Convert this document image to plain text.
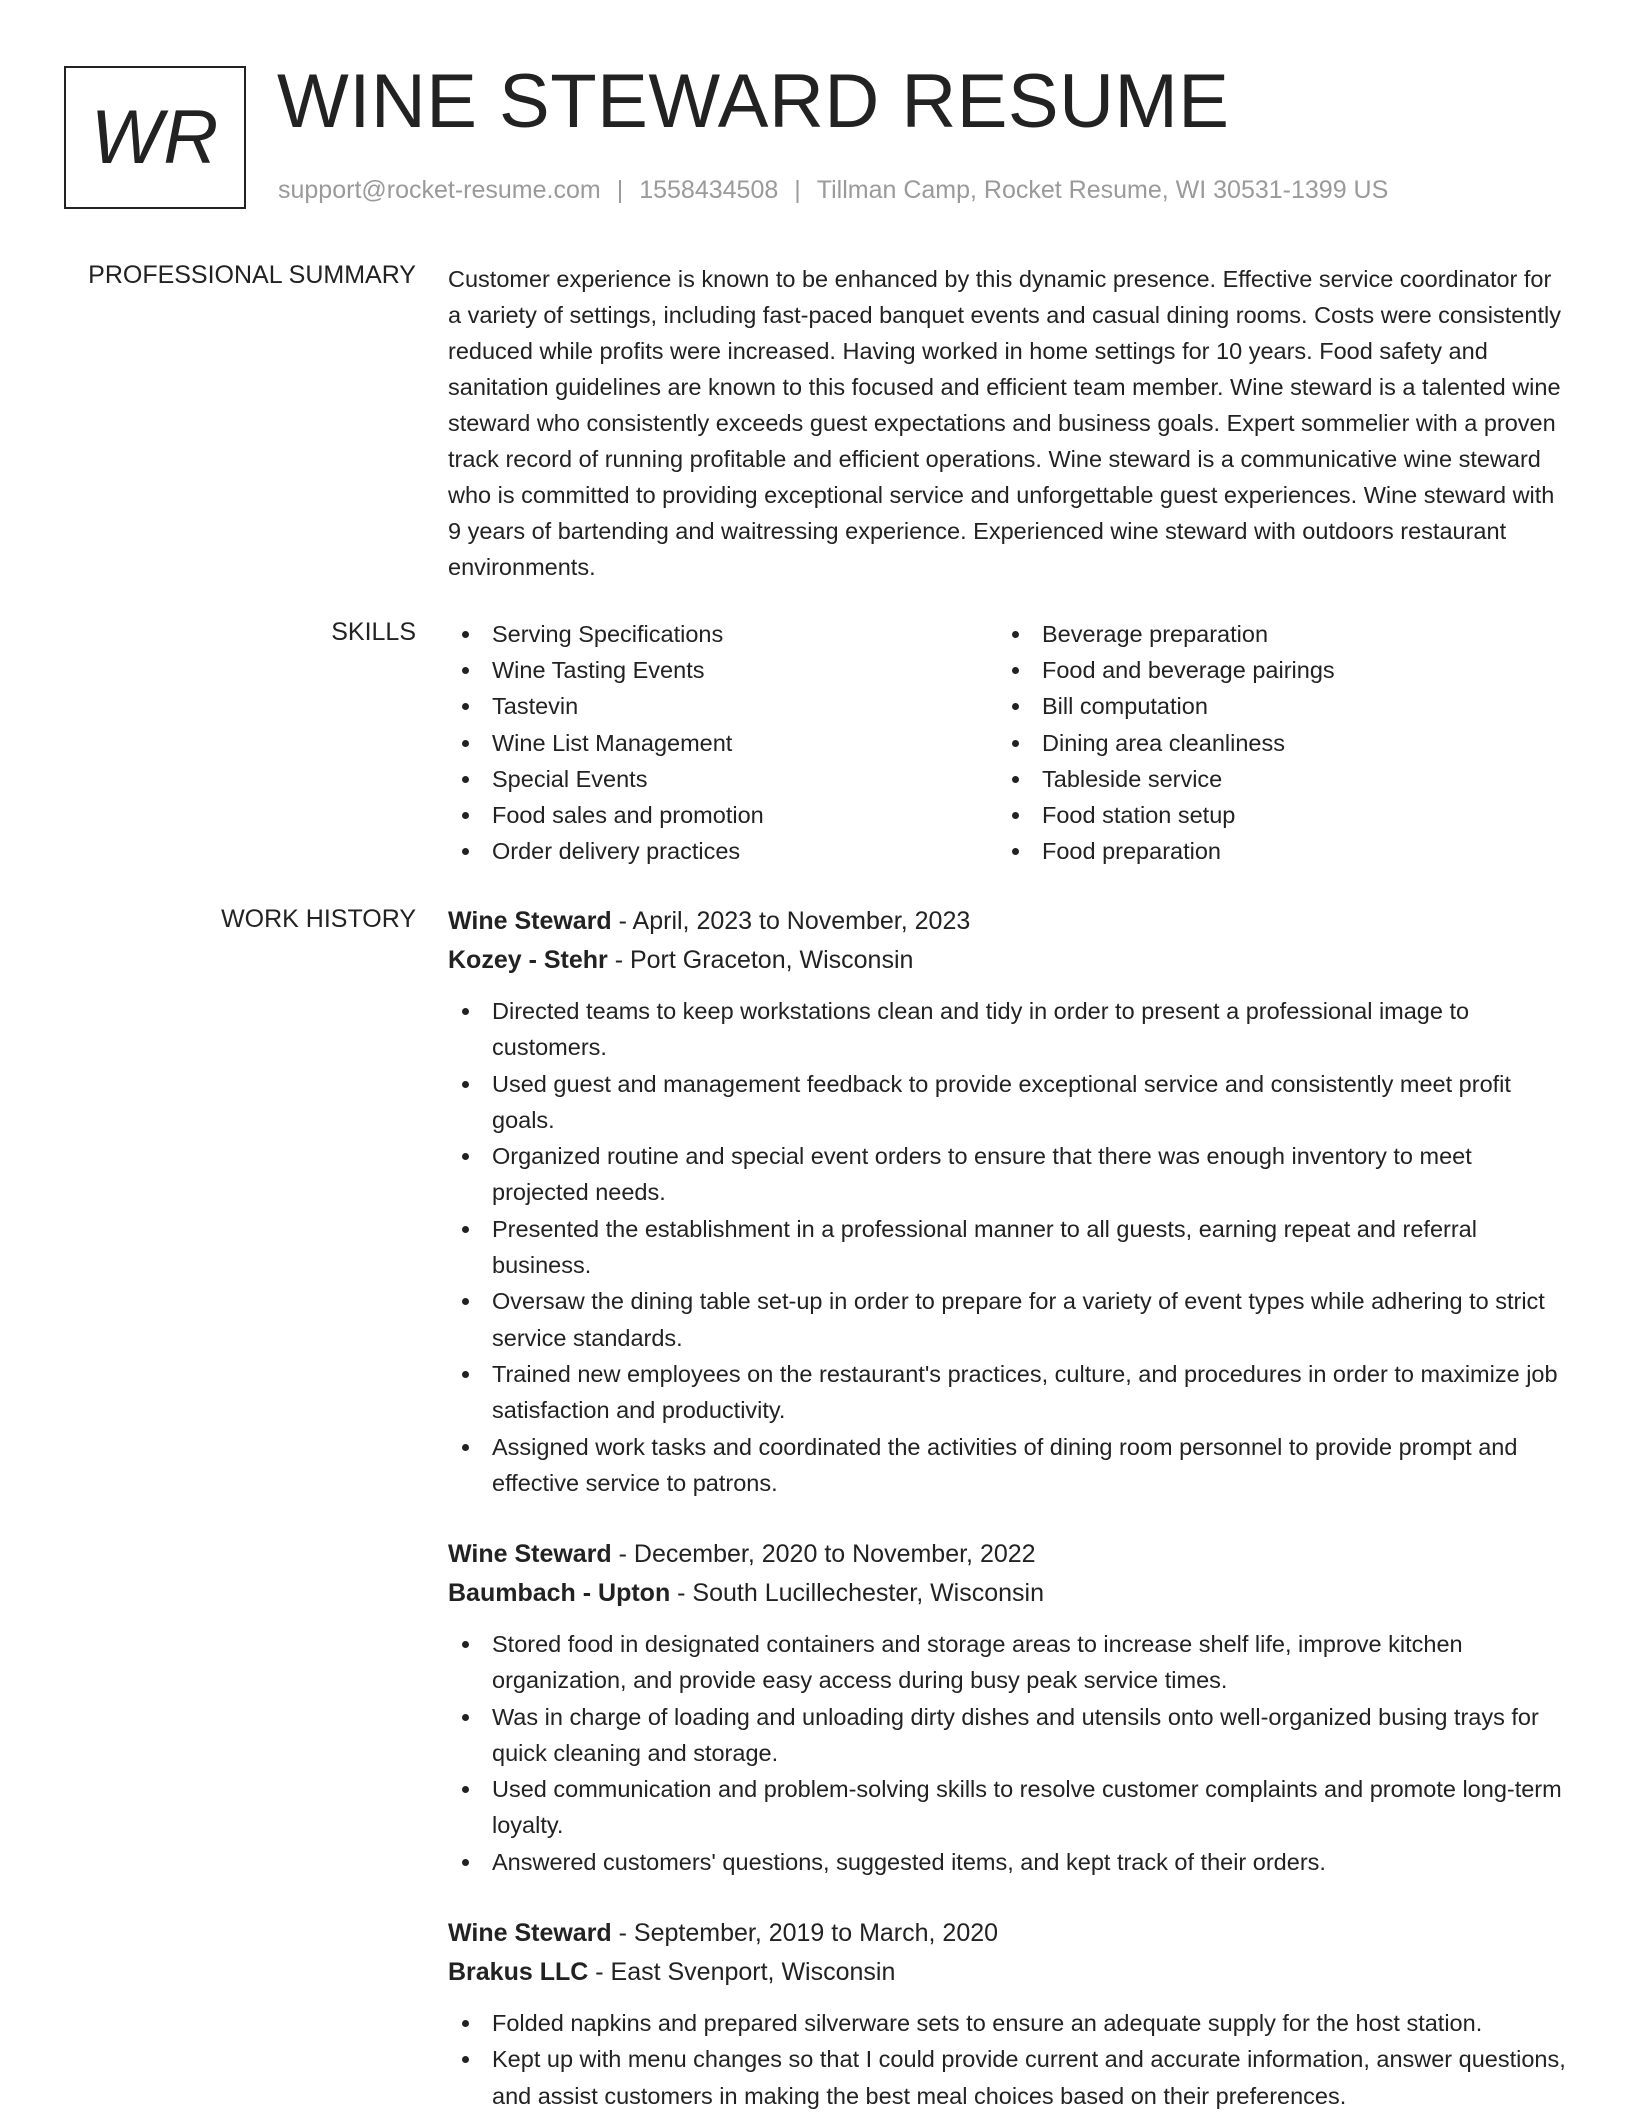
WR WINE STEWARD RESUME
support@rocket-resume.com | 1558434508 | Tillman Camp, Rocket Resume, WI 30531-1399 US
PROFESSIONAL SUMMARY Customer experience is known to be enhanced by this dynamic presence. Effective service coordinator for a variety of settings, including fast-paced banquet events and casual dining rooms. Costs were consistently reduced while profits were increased. Having worked in home settings for 10 years. Food safety and sanitation guidelines are known to this focused and efficient team member. Wine steward is a talented wine steward who consistently exceeds guest expectations and business goals. Expert sommelier with a proven track record of running profitable and efficient operations. Wine steward is a communicative wine steward who is committed to providing exceptional service and unforgettable guest experiences. Wine steward with 9 years of bartending and waitressing experience. Experienced wine steward with outdoors restaurant environments.

SKILLS	Serving Specifications
Wine Tasting Events
Tastevin
Wine List Management
Special Events
Food sales and promotion
Order delivery practices
Beverage preparation
Food and beverage pairings
Bill computation
Dining area cleanliness
Tableside service
Food station setup
Food preparation
WORK HISTORY Wine Steward - April, 2023 to November, 2023
Kozey - Stehr - Port Graceton, Wisconsin
Directed teams to keep workstations clean and tidy in order to present a professional image to customers.
Used guest and management feedback to provide exceptional service and consistently meet profit goals.
Organized routine and special event orders to ensure that there was enough inventory to meet projected needs.
Presented the establishment in a professional manner to all guests, earning repeat and referral business.
Oversaw the dining table set-up in order to prepare for a variety of event types while adhering to strict service standards.
Trained new employees on the restaurant's practices, culture, and procedures in order to maximize job satisfaction and productivity.
Assigned work tasks and coordinated the activities of dining room personnel to provide prompt and effective service to patrons.
Wine Steward - December, 2020 to November, 2022
Baumbach - Upton - South Lucillechester, Wisconsin
Stored food in designated containers and storage areas to increase shelf life, improve kitchen organization, and provide easy access during busy peak service times.
Was in charge of loading and unloading dirty dishes and utensils onto well-organized busing trays for quick cleaning and storage.
Used communication and problem-solving skills to resolve customer complaints and promote long-term loyalty.
Answered customers' questions, suggested items, and kept track of their orders.
Wine Steward - September, 2019 to March, 2020
Brakus LLC - East Svenport, Wisconsin
Folded napkins and prepared silverware sets to ensure an adequate supply for the host station.
Kept up with menu changes so that I could provide current and accurate information, answer questions, and assist customers in making the best meal choices based on their preferences.
